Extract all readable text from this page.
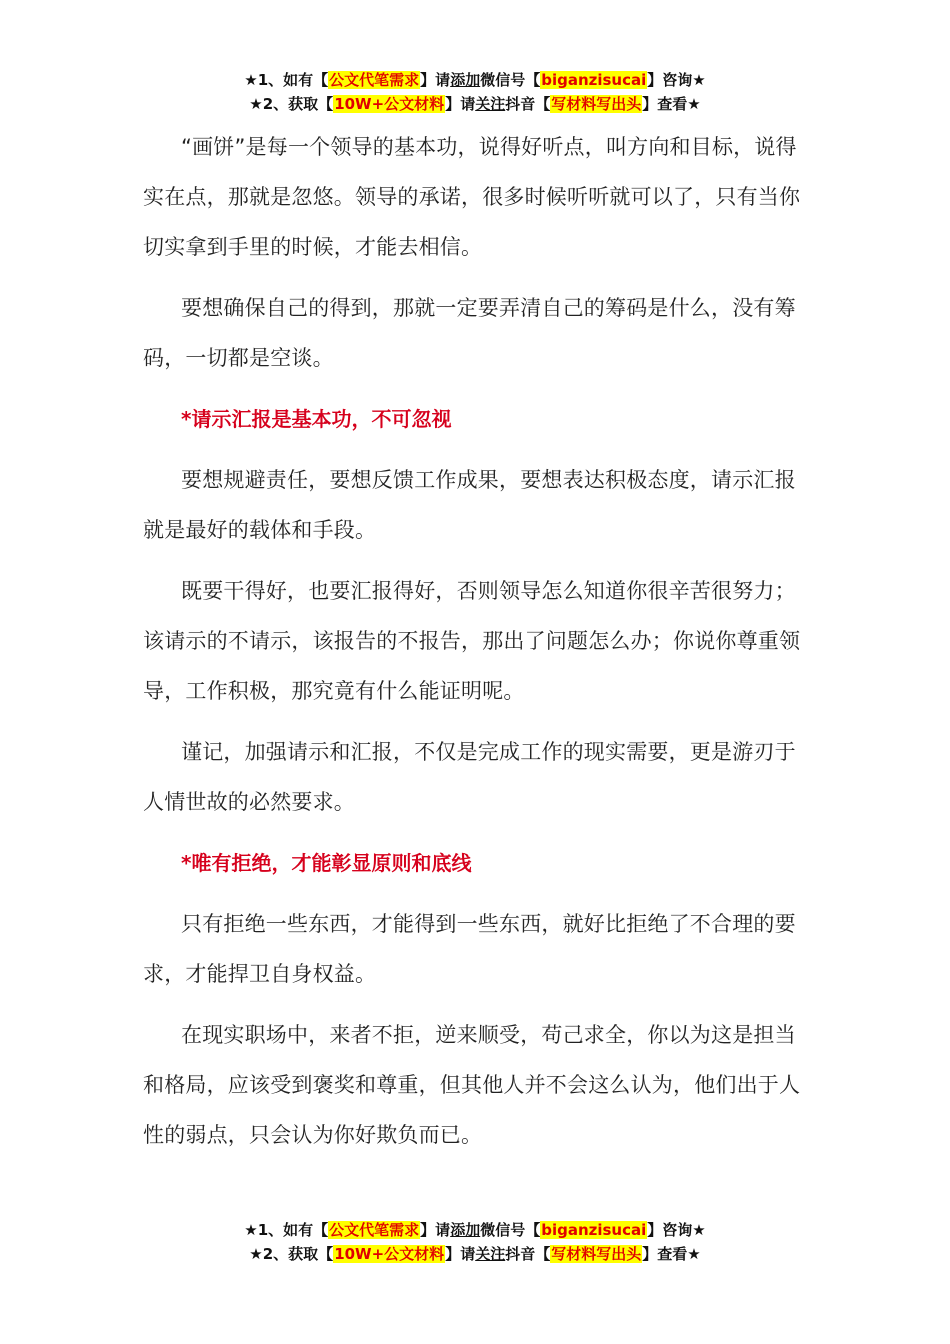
★1、如有【公文代笔需求】请添加微信号【biganzisucai】咨询★
★2、获取【10W+公文材料】请关注抖音【写材料写出头】查看★

“画饼”是每一个领导的基本功，说得好听点，叫方向和目标，说得实在点，那就是忽悠。领导的承诺，很多时候听听就可以了，只有当你切实拿到手里的时候，才能去相信。

要想确保自己的得到，那就一定要弄清自己的筹码是什么，没有筹码，一切都是空谈。

*请示汇报是基本功，不可忽视

要想规避责任，要想反馈工作成果，要想表达积极态度，请示汇报就是最好的载体和手段。

既要干得好，也要汇报得好，否则领导怎么知道你很辛苦很努力；该请示的不请示，该报告的不报告，那出了问题怎么办；你说你尊重领导，工作积极，那究竟有什么能证明呢。

谨记，加强请示和汇报，不仅是完成工作的现实需要，更是游刃于人情世故的必然要求。

*唯有拒绝，才能彰显原则和底线

只有拒绝一些东西，才能得到一些东西，就好比拒绝了不合理的要求，才能捍卫自身权益。

在现实职场中，来者不拒，逆来顺受，苟己求全，你以为这是担当和格局，应该受到褒奖和尊重，但其他人并不会这么认为，他们出于人性的弱点，只会认为你好欺负而已。

★1、如有【公文代笔需求】请添加微信号【biganzisucai】咨询★
★2、获取【10W+公文材料】请关注抖音【写材料写出头】查看★
